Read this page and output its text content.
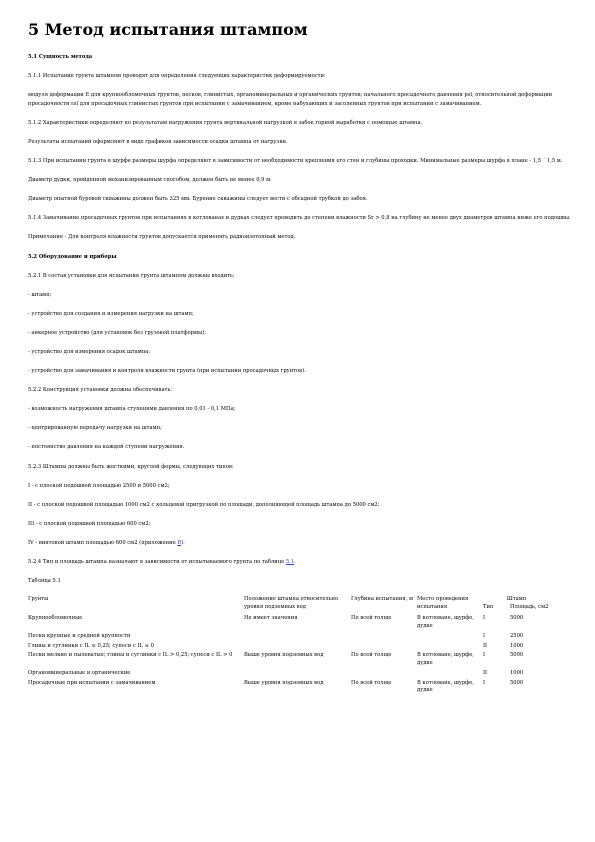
5 Метод испытания штампом
5.1 Сущность метода
5.1.1 Испытание грунта штампом проводят для определения следующих характеристик деформируемости:
модуля деформации E для крупнообломочных грунтов, песков, глинистых, органоминеральных и органических грунтов; начального просадочного давления psl, относительной деформации просадочности εsl для просадочных глинистых грунтов при испытании с замачиванием, кроме набухающих и засоленных грунтов при испытании с замачиванием.
5.1.2 Характеристики определяют по результатам нагружения грунта вертикальной нагрузкой в забое горной выработки с помощью штампа.
Результаты испытаний оформляют в виде графиков зависимости осадки штампа от нагрузки.
5.1.3 При испытании грунта в шурфе размеры шурфа определяют в зависимости от необходимости крепления его стен и глубины проходки. Минимальные размеры шурфа в плане - 1,5 ´ 1,5 м.
Диаметр дудки, пройденной механизированным способом, должен быть не менее 0,9 м.
Диаметр опытной буровой скважины должен быть 325 мм. Бурение скважины следует вести с обсадной трубкой до забоя.
5.1.4 Замачивание просадочных грунтов при испытаниях в котлованах и дудках следует проводить до степени влажности Sr > 0,8 на глубину не менее двух диаметров штампа ниже его подошвы.
Примечание - Для контроля влажности грунтов допускается применять радиоизотопный метод.
5.2 Оборудование и приборы
5.2.1 В состав установки для испытания грунта штампом должны входить:
- штамп;
- устройство для создания и измерения нагрузки на штамп;
- анкерное устройство (для установок без грузовой платформы);
- устройство для измерения осадок штампа;
- устройство для замачивания и контроля влажности грунта (при испытании просадочных грунтов).
5.2.2 Конструкция установки должна обеспечивать:
- возможность нагружения штампа ступенями давления по 0,01 - 0,1 МПа;
- центрированную передачу нагрузки на штамп;
- постоянство давления на каждой ступени нагружения.
5.2.3 Штампы должны быть жесткими, круглой формы, следующих типов:
I - с плоской подошвой площадью 2500 и 5000 см2;
II - с плоской подошвой площадью 1000 см2 с кольцевой пригрузкой по площади, дополняющей площадь штампа до 5000 см2;
III - с плоской подошвой площадью 600 см2;
IV - винтовой штамп площадью 600 см2 (приложение В).
5.2.4 Тип и площадь штампа назначают в зависимости от испытываемого грунта по таблице 5.1.
Таблица 5.1
Грунты	Положение штампа относительно уровня подземных вод	Глубина испытания, м	Место проведения испытания	Штамп	
				Тип	Площадь, см2
Крупнообломочные	Не имеет значения	По всей толще	В котловане, шурфе, дудке	I	5000
Пески крупные и средней крупности				I	2500
Глины и суглинки с IL ≤ 0,25; супеси с IL ≤ 0				II	1000
Пески мелкие и пылеватые; глины и суглинки с IL > 0,25; супеси с IL > 0	Выше уровня подземных вод	По всей толще	В котловане, шурфе, дудке	I	5000
Органоминеральные и органические				II	1000
Просадочные при испытании с замачиванием	Выше уровня подземных вод	По всей толще	В котловане, шурфе, дудке	I	5000
